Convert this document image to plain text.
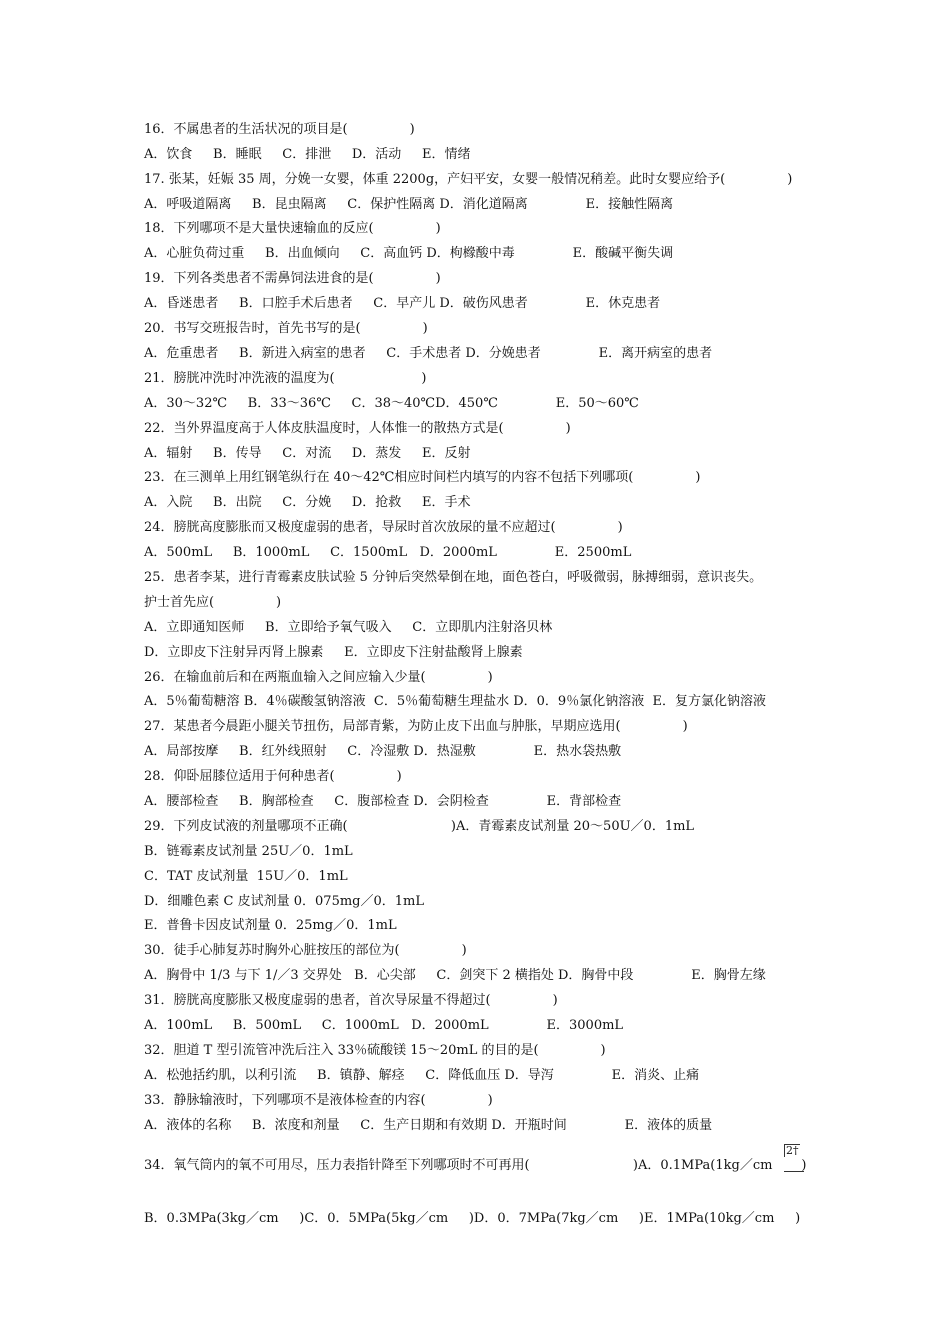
16．不属患者的生活状况的项目是(               )
A．饮食     B．睡眠     C．排泄     D．活动     E．情绪
17. 张某，妊娠 35 周，分娩一女婴，体重 2200g，产妇平安，女婴一般情况稍差。此时女婴应给予(               )
A．呼吸道隔离     B．昆虫隔离     C．保护性隔离 D．消化道隔离              E．接触性隔离
18．下列哪项不是大量快速输血的反应(               )
A．心脏负荷过重     B．出血倾向     C．高血钙 D．枸橼酸中毒              E．酸碱平衡失调
19．下列各类患者不需鼻饲法进食的是(               )
A．昏迷患者     B．口腔手术后患者     C．早产儿 D．破伤风患者              E．休克患者
20．书写交班报告时，首先书写的是(               )
A．危重患者     B．新进入病室的患者     C．手术患者 D．分娩患者              E．离开病室的患者
21．膀胱冲洗时冲洗液的温度为(                     )
A．30～32℃     B．33～36℃     C．38～40℃D．450℃              E．50～60℃
22．当外界温度高于人体皮肤温度时，人体惟一的散热方式是(               )
A．辐射     B．传导     C．对流     D．蒸发     E．反射
23．在三测单上用红钢笔纵行在 40～42℃相应时间栏内填写的内容不包括下列哪项(               )
A．入院     B．出院     C．分娩     D．抢救     E．手术
24．膀胱高度膨胀而又极度虚弱的患者，导尿时首次放尿的量不应超过(               )
A．500mL     B．1000mL     C．1500mL   D．2000mL              E．2500mL
25．患者李某，进行青霉素皮肤试验 5 分钟后突然晕倒在地，面色苍白，呼吸微弱，脉搏细弱，意识丧失。
护士首先应(               )
A．立即通知医师     B．立即给予氧气吸入     C．立即肌内注射洛贝林
D．立即皮下注射异丙肾上腺素     E．立即皮下注射盐酸肾上腺素
26．在输血前后和在两瓶血输入之间应输入少量(               )
A．5％葡萄糖溶 B．4％碳酸氢钠溶液  C．5％葡萄糖生理盐水 D．0．9％氯化钠溶液  E．复方氯化钠溶液
27．某患者今晨距小腿关节扭伤，局部青紫，为防止皮下出血与肿胀，早期应选用(               )
A．局部按摩     B．红外线照射     C．冷湿敷 D．热湿敷              E．热水袋热敷
28．仰卧屈膝位适用于何种患者(               )
A．腰部检查     B．胸部检查     C．腹部检查 D．会阴检查              E．背部检查
29．下列皮试液的剂量哪项不正确(                         )A．青霉素皮试剂量 20～50U／0．1mL
B．链霉素皮试剂量 25U／0．1mL
C．TAT 皮试剂量  15U／0．1mL
D．细雕色素 C 皮试剂量 0．075mg／0．1mL
E．普鲁卡因皮试剂量 0．25mg／0．1mL
30．徒手心肺复苏时胸外心脏按压的部位为(               )
A．胸骨中 1/3 与下 1/／3 交界处   B．心尖部     C．剑突下 2 横指处 D．胸骨中段              E．胸骨左缘
31．膀胱高度膨胀又极度虚弱的患者，首次导尿量不得超过(               )
A．100mL     B．500mL     C．1000mL   D．2000mL              E．3000mL
32．胆道 T 型引流管冲洗后注入 33％硫酸镁 15～20mL 的目的是(               )
A．松弛括约肌，以利引流     B．镇静、解痉     C．降低血压 D．导泻              E．消炎、止痛
33．静脉输液时，下列哪项不是液体检查的内容(               )
A．液体的名称     B．浓度和剂量     C．生产日期和有效期 D．开瓶时间              E．液体的质量
34．氧气筒内的氧不可用尽，压力表指针降至下列哪项时不可再用(                         )A．0.1MPa(1kg／cm       )
B．0.3MPa(3kg／cm     )C．0．5MPa(5kg／cm     )D．0．7MPa(7kg／cm     )E．1MPa(10kg／cm     )
2†
